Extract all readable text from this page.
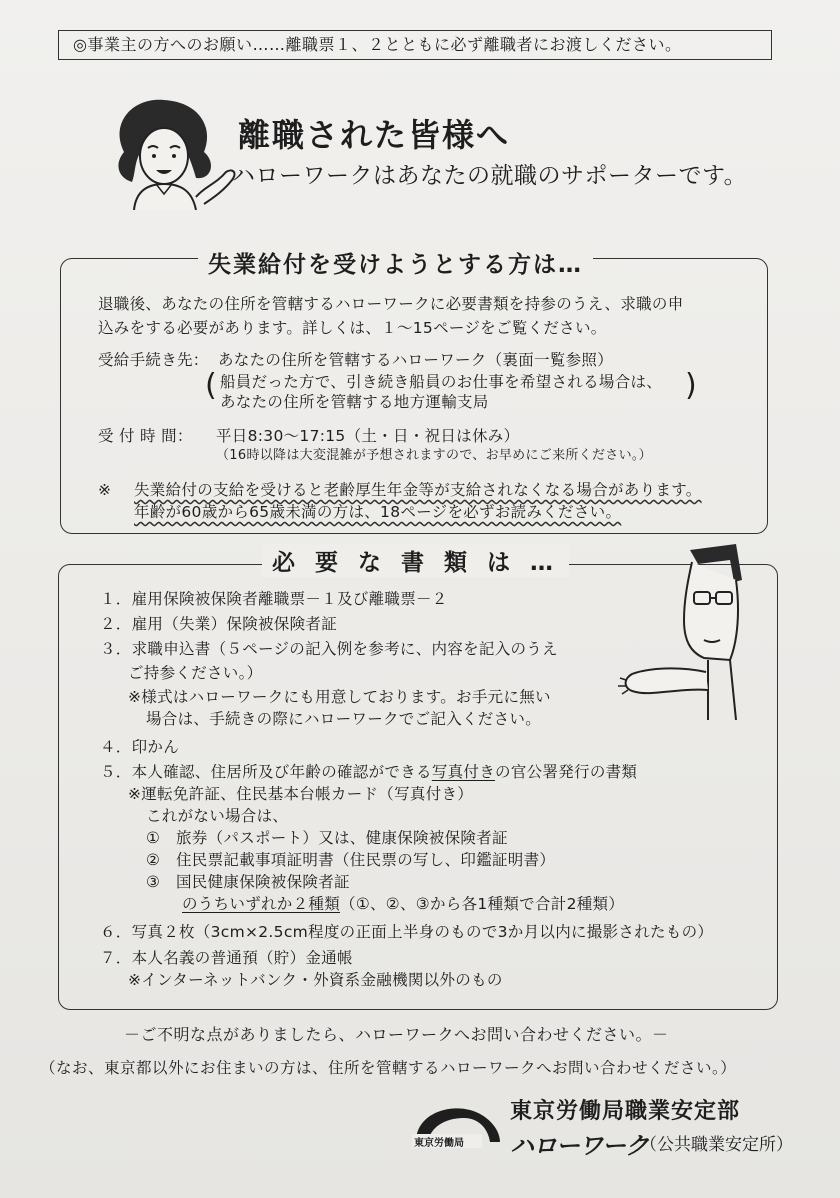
◎事業主の方へのお願い……離職票１、２とともに必ず離職者にお渡しください。
離職された皆様へ
ハローワークはあなたの就職のサポーターです。
失業給付を受けようとする方は…
退職後、あなたの住所を管轄するハローワークに必要書類を持参のうえ、求職の申
込みをする必要があります。詳しくは、１～15ページをご覧ください。
受給手続き先： あなたの住所を管轄するハローワーク（裏面一覧参照）
( 船員だった方で、引き続き船員のお仕事を希望される場合は、
あなたの住所を管轄する地方運輸支局	)
受 付 時 間： 平日8:30～17:15（土・日・祝日は休み）
（16時以降は大変混雑が予想されますので、お早めにご来所ください。）
※ 失業給付の支給を受けると老齢厚生年金等が支給されなくなる場合があります。
年齢が60歳から65歳未満の方は、18ページを必ずお読みください。
必 要 な 書 類 は …
１．雇用保険被保険者離職票－１及び離職票－２
２．雇用（失業）保険被保険者証
３．求職申込書（５ページの記入例を参考に、内容を記入のうえ
ご持参ください。）
※様式はハローワークにも用意しております。お手元に無い
場合は、手続きの際にハローワークでご記入ください。
４．印かん
５．本人確認、住居所及び年齢の確認ができる写真付きの官公署発行の書類
※運転免許証、住民基本台帳カード（写真付き）
これがない場合は、
①　旅券（パスポート）又は、健康保険被保険者証
②　住民票記載事項証明書（住民票の写し、印鑑証明書）
③　国民健康保険被保険者証
のうちいずれか２種類（①、②、③から各1種類で合計2種類）
６．写真２枚（3cm×2.5cm程度の正面上半身のもので3か月以内に撮影されたもの）
７．本人名義の普通預（貯）金通帳
※インターネットバンク・外資系金融機関以外のもの
－ご不明な点がありましたら、ハローワークへお問い合わせください。－
（なお、東京都以外にお住まいの方は、住所を管轄するハローワークへお問い合わせください。）
東京労働局
東京労働局職業安定部
ハローワーク
（公共職業安定所）
